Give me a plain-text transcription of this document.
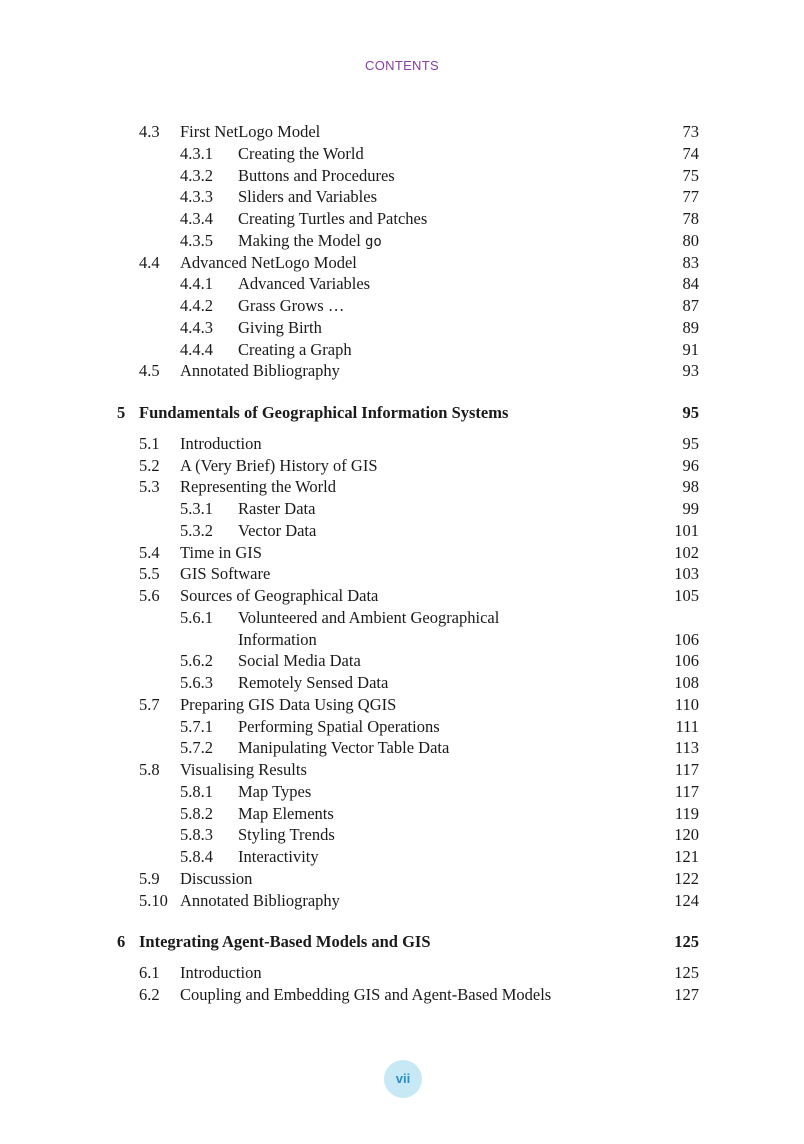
CONTENTS
4.3 First NetLogo Model	73
4.3.1 Creating the World	74
4.3.2 Buttons and Procedures	75
4.3.3 Sliders and Variables	77
4.3.4 Creating Turtles and Patches	78
4.3.5 Making the Model go	80
4.4 Advanced NetLogo Model	83
4.4.1 Advanced Variables	84
4.4.2 Grass Grows …	87
4.4.3 Giving Birth	89
4.4.4 Creating a Graph	91
4.5 Annotated Bibliography	93
5 Fundamentals of Geographical Information Systems	95
5.1 Introduction	95
5.2 A (Very Brief) History of GIS	96
5.3 Representing the World	98
5.3.1 Raster Data	99
5.3.2 Vector Data	101
5.4 Time in GIS	102
5.5 GIS Software	103
5.6 Sources of Geographical Data	105
5.6.1 Volunteered and Ambient Geographical
Information	106
5.6.2 Social Media Data	106
5.6.3 Remotely Sensed Data	108
5.7 Preparing GIS Data Using QGIS	110
5.7.1 Performing Spatial Operations	111
5.7.2 Manipulating Vector Table Data	113
5.8 Visualising Results	117
5.8.1 Map Types	117
5.8.2 Map Elements	119
5.8.3 Styling Trends	120
5.8.4 Interactivity	121
5.9 Discussion	122
5.10 Annotated Bibliography	124
6 Integrating Agent-Based Models and GIS	125
6.1 Introduction	125
6.2 Coupling and Embedding GIS and Agent-Based Models	127
vii
